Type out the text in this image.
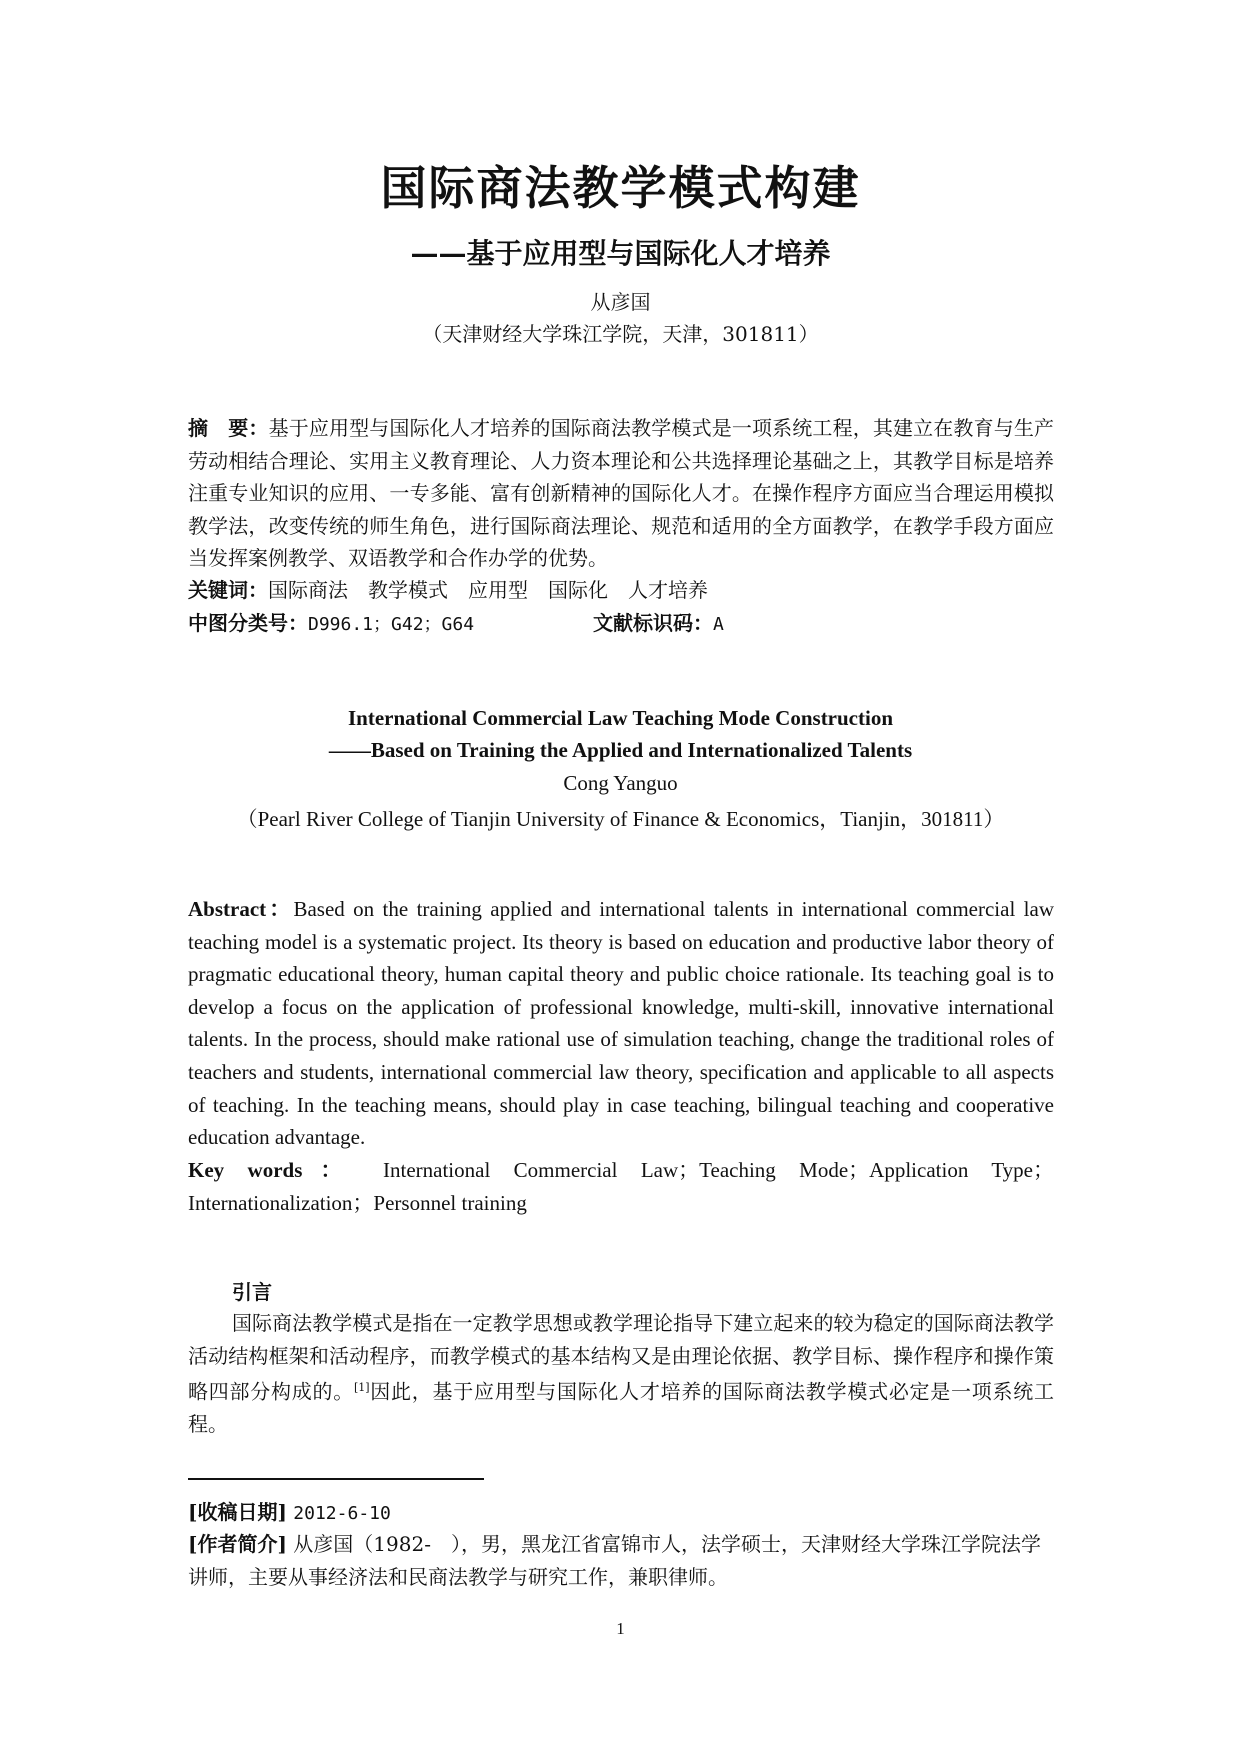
国际商法教学模式构建
——基于应用型与国际化人才培养
从彦国
（天津财经大学珠江学院，天津，301811）
摘　要：基于应用型与国际化人才培养的国际商法教学模式是一项系统工程，其建立在教育与生产劳动相结合理论、实用主义教育理论、人力资本理论和公共选择理论基础之上，其教学目标是培养注重专业知识的应用、一专多能、富有创新精神的国际化人才。在操作程序方面应当合理运用模拟教学法，改变传统的师生角色，进行国际商法理论、规范和适用的全方面教学，在教学手段方面应当发挥案例教学、双语教学和合作办学的优势。
关键词：国际商法　教学模式　应用型　国际化　人才培养
中图分类号：D996.1；G42；G64	文献标识码：A
International Commercial Law Teaching Mode Construction
——Based on Training the Applied and Internationalized Talents
Cong Yanguo
（Pearl River College of Tianjin University of Finance & Economics，Tianjin，301811）
Abstract：Based on the training applied and international talents in international commercial law teaching model is a systematic project. Its theory is based on education and productive labor theory of pragmatic educational theory, human capital theory and public choice rationale. Its teaching goal is to develop a focus on the application of professional knowledge, multi-skill, innovative international talents. In the process, should make rational use of simulation teaching, change the traditional roles of teachers and students, international commercial law theory, specification and applicable to all aspects of teaching. In the teaching means, should play in case teaching, bilingual teaching and cooperative education advantage.
Key words： International Commercial Law；Teaching Mode；Application Type；Internationalization；Personnel training
引言
国际商法教学模式是指在一定教学思想或教学理论指导下建立起来的较为稳定的国际商法教学活动结构框架和活动程序，而教学模式的基本结构又是由理论依据、教学目标、操作程序和操作策略四部分构成的。[1]因此，基于应用型与国际化人才培养的国际商法教学模式必定是一项系统工程。
[收稿日期] 2012-6-10
[作者简介] 从彦国（1982-　），男，黑龙江省富锦市人，法学硕士，天津财经大学珠江学院法学讲师，主要从事经济法和民商法教学与研究工作，兼职律师。
1
